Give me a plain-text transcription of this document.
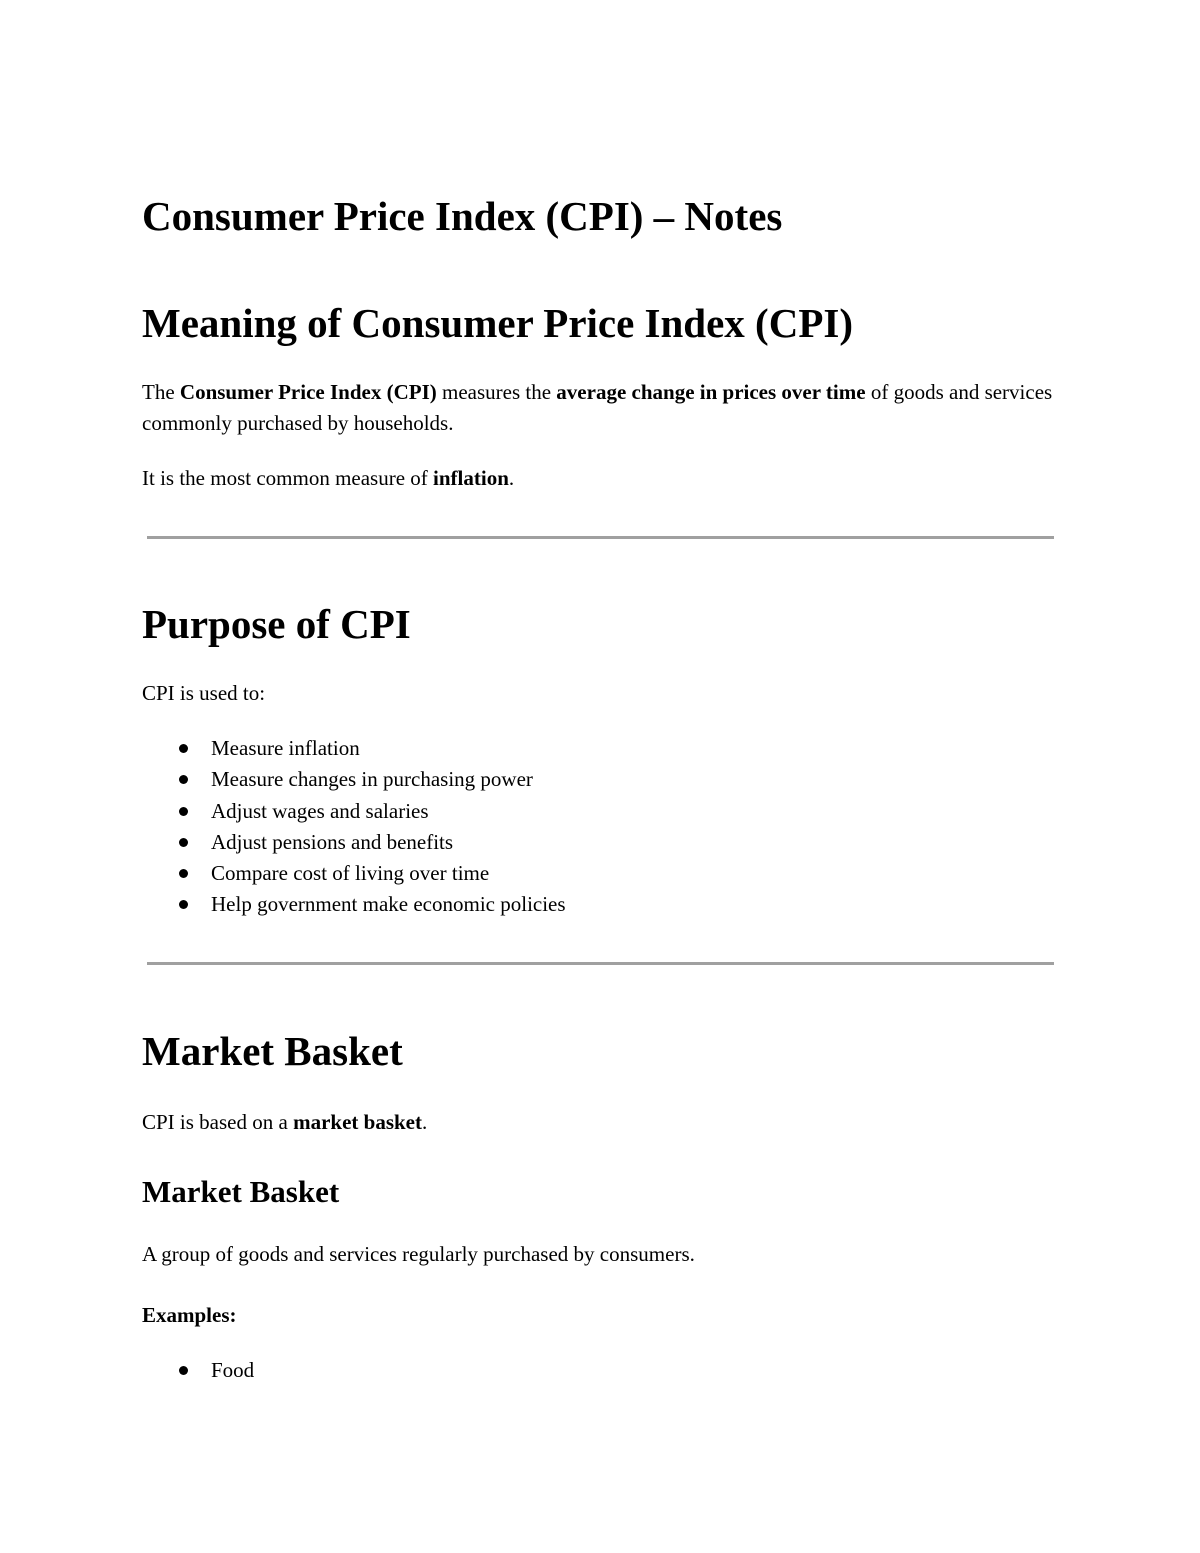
Consumer Price Index (CPI) – Notes
Meaning of Consumer Price Index (CPI)

The Consumer Price Index (CPI) measures the average change in prices over time of goods and services commonly purchased by households.

It is the most common measure of inflation.

Purpose of CPI

CPI is used to:

Measure inflation
Measure changes in purchasing power
Adjust wages and salaries
Adjust pensions and benefits
Compare cost of living over time
Help government make economic policies
Market Basket

CPI is based on a market basket.

Market Basket

A group of goods and services regularly purchased by consumers.

Examples:

Food
